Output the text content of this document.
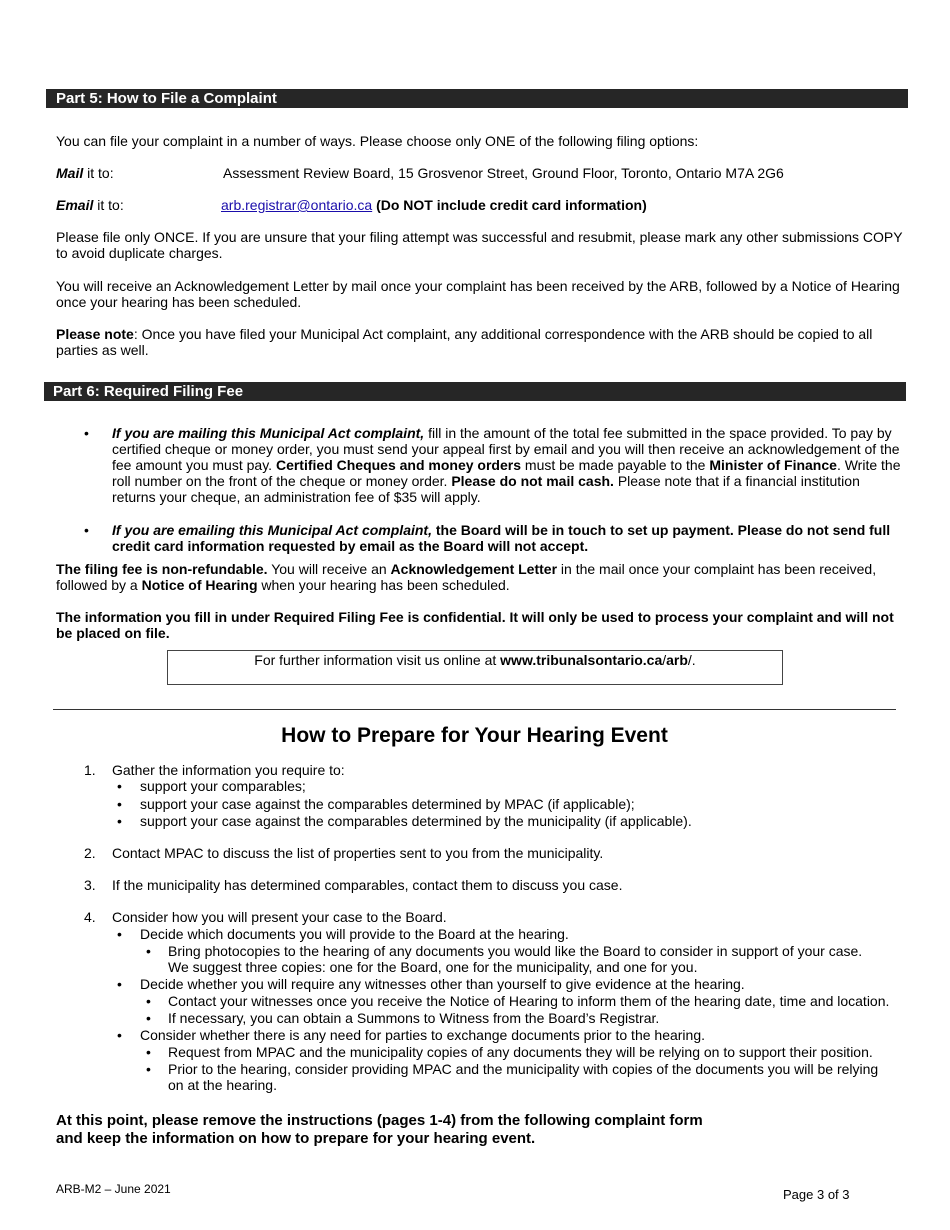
Part 5: How to File a Complaint
You can file your complaint in a number of ways. Please choose only ONE of the following filing options:
Mail it to:	Assessment Review Board, 15 Grosvenor Street, Ground Floor, Toronto, Ontario M7A 2G6
Email it to:	arb.registrar@ontario.ca (Do NOT include credit card information)
Please file only ONCE. If you are unsure that your filing attempt was successful and resubmit, please mark any other submissions COPY to avoid duplicate charges.
You will receive an Acknowledgement Letter by mail once your complaint has been received by the ARB, followed by a Notice of Hearing once your hearing has been scheduled.
Please note: Once you have filed your Municipal Act complaint, any additional correspondence with the ARB should be copied to all parties as well.
Part 6: Required Filing Fee
• If you are mailing this Municipal Act complaint, fill in the amount of the total fee submitted in the space provided. To pay by certified cheque or money order, you must send your appeal first by email and you will then receive an acknowledgement of the fee amount you must pay. Certified Cheques and money orders must be made payable to the Minister of Finance. Write the roll number on the front of the cheque or money order. Please do not mail cash. Please note that if a financial institution returns your cheque, an administration fee of $35 will apply.
• If you are emailing this Municipal Act complaint, the Board will be in touch to set up payment. Please do not send full credit card information requested by email as the Board will not accept.
The filing fee is non-refundable. You will receive an Acknowledgement Letter in the mail once your complaint has been received, followed by a Notice of Hearing when your hearing has been scheduled.
The information you fill in under Required Filing Fee is confidential. It will only be used to process your complaint and will not be placed on file.
For further information visit us online at www.tribunalsontario.ca/arb/.
How to Prepare for Your Hearing Event
1. Gather the information you require to:
• support your comparables;
• support your case against the comparables determined by MPAC (if applicable);
• support your case against the comparables determined by the municipality (if applicable).
2. Contact MPAC to discuss the list of properties sent to you from the municipality.
3. If the municipality has determined comparables, contact them to discuss you case.
4. Consider how you will present your case to the Board.
• Decide which documents you will provide to the Board at the hearing.
• Bring photocopies to the hearing of any documents you would like the Board to consider in support of your case. We suggest three copies: one for the Board, one for the municipality, and one for you.
• Decide whether you will require any witnesses other than yourself to give evidence at the hearing.
• Contact your witnesses once you receive the Notice of Hearing to inform them of the hearing date, time and location.
• If necessary, you can obtain a Summons to Witness from the Board’s Registrar.
• Consider whether there is any need for parties to exchange documents prior to the hearing.
• Request from MPAC and the municipality copies of any documents they will be relying on to support their position.
• Prior to the hearing, consider providing MPAC and the municipality with copies of the documents you will be relying on at the hearing.
At this point, please remove the instructions (pages 1-4) from the following complaint form
and keep the information on how to prepare for your hearing event.
ARB-M2 – June 2021	Page 3 of 3
